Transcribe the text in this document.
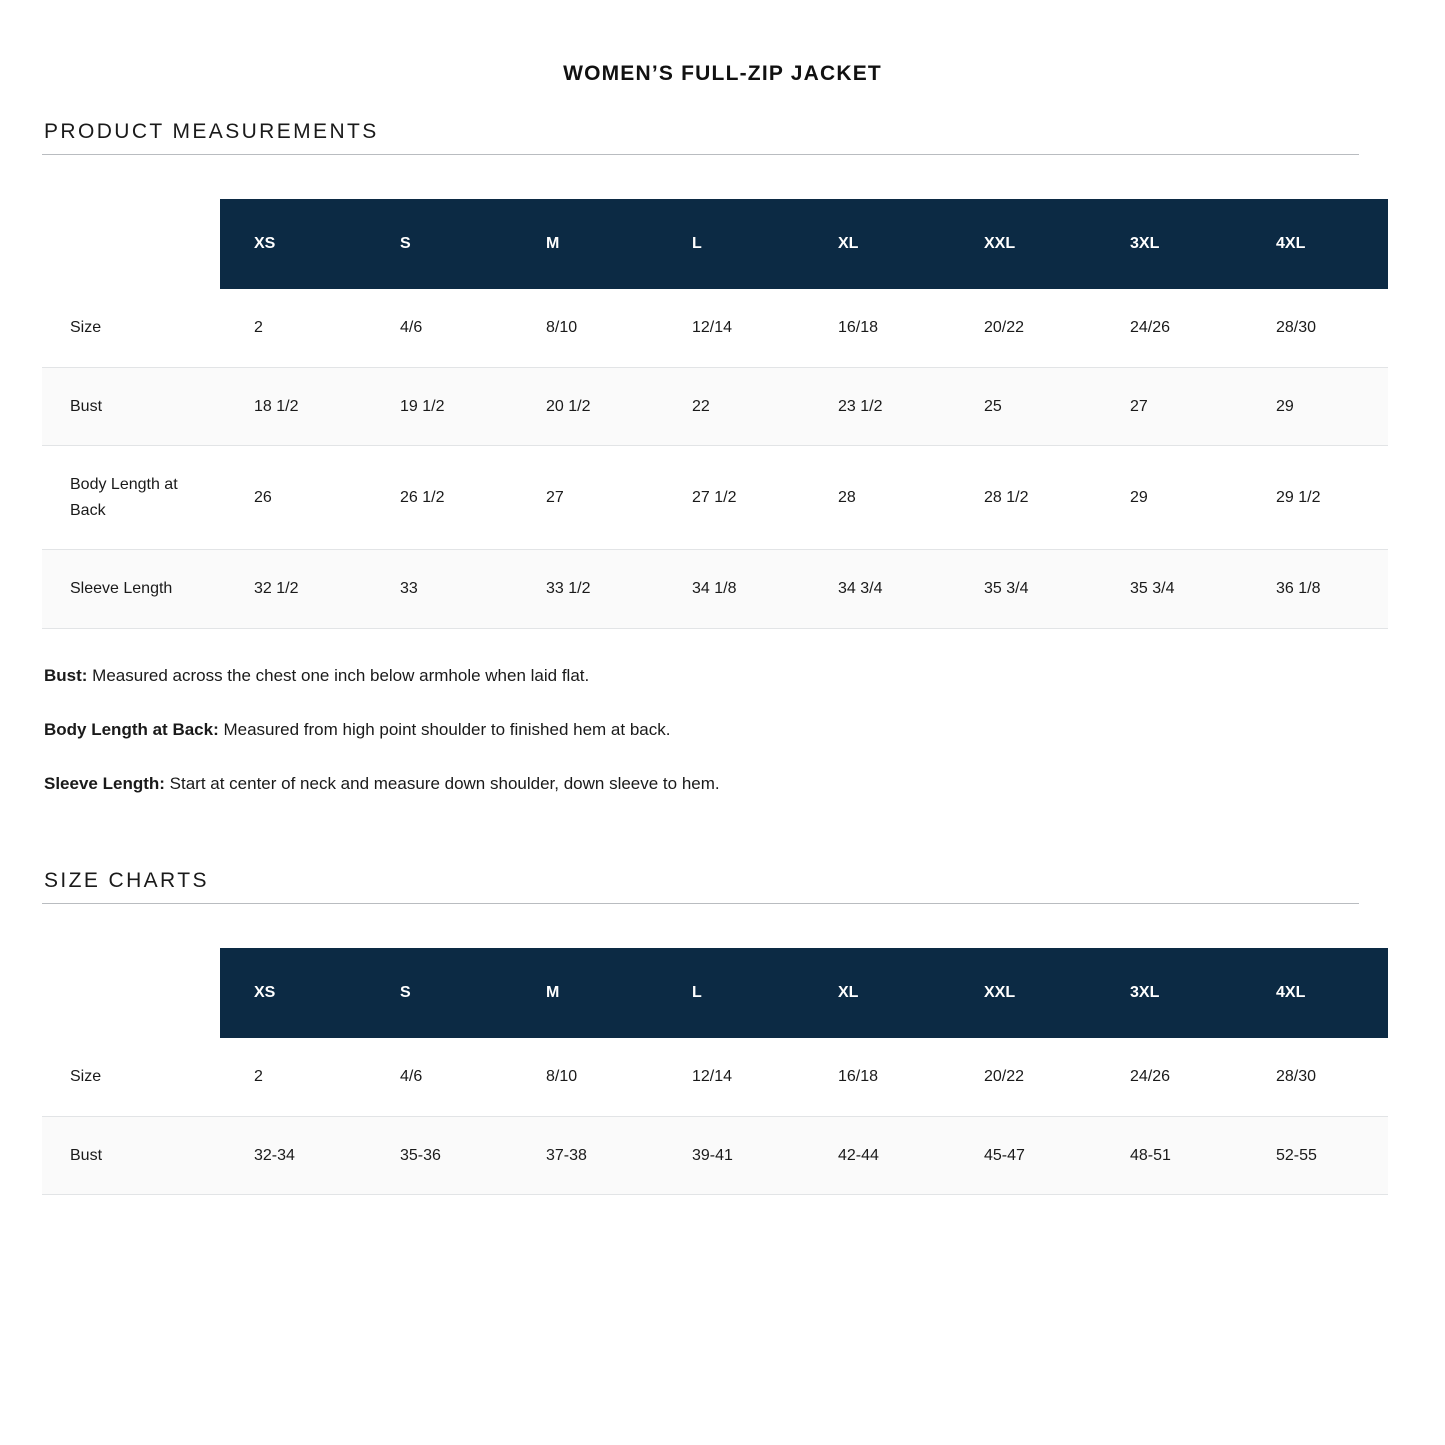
WOMEN’S FULL-ZIP JACKET
PRODUCT MEASUREMENTS
	XS	S	M	L	XL	XXL	3XL	4XL
Size	2	4/6	8/10	12/14	16/18	20/22	24/26	28/30
Bust	18 1/2	19 1/2	20 1/2	22	23 1/2	25	27	29
Body Length at Back	26	26 1/2	27	27 1/2	28	28 1/2	29	29 1/2
Sleeve Length	32 1/2	33	33 1/2	34 1/8	34 3/4	35 3/4	35 3/4	36 1/8

Bust: Measured across the chest one inch below armhole when laid flat.

Body Length at Back: Measured from high point shoulder to finished hem at back.

Sleeve Length: Start at center of neck and measure down shoulder, down sleeve to hem.

SIZE CHARTS
	XS	S	M	L	XL	XXL	3XL	4XL
Size	2	4/6	8/10	12/14	16/18	20/22	24/26	28/30
Bust	32-34	35-36	37-38	39-41	42-44	45-47	48-51	52-55
